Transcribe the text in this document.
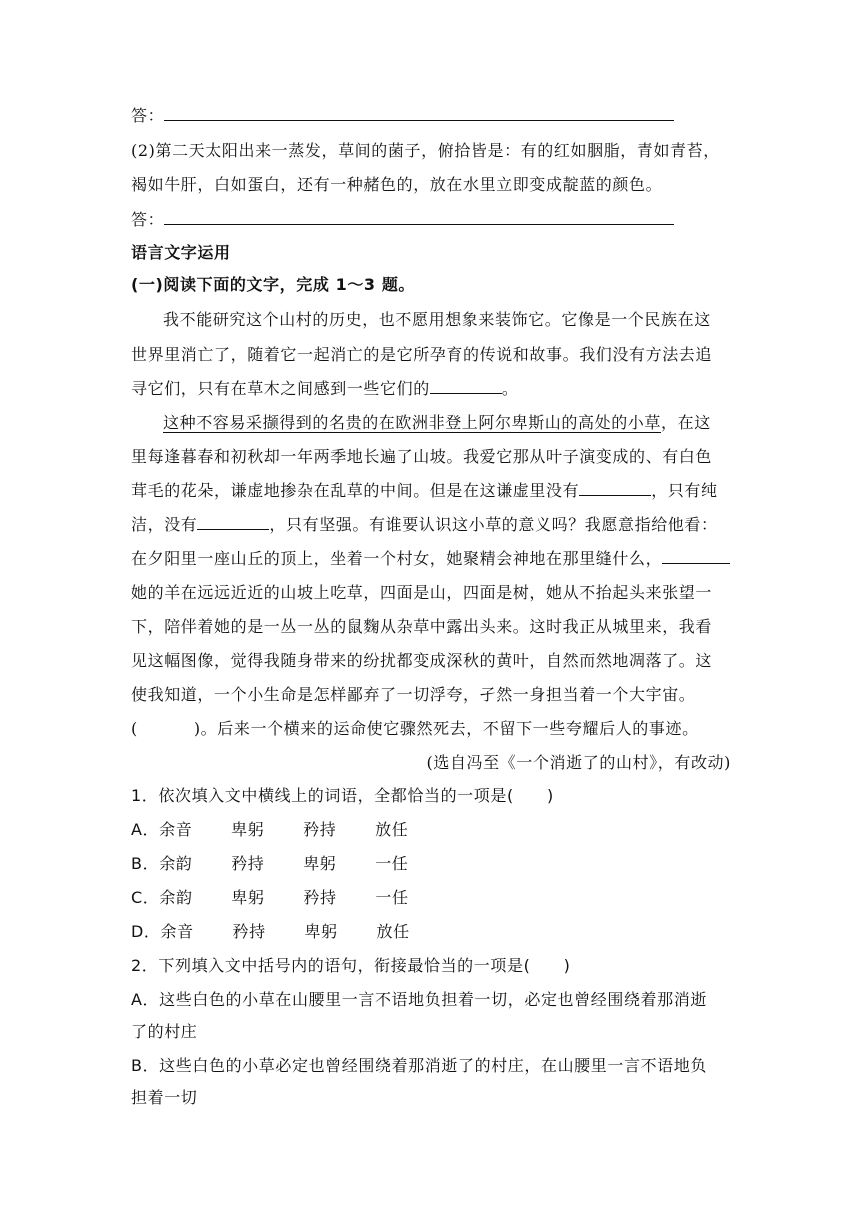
答：
(2)第二天太阳出来一蒸发，草间的菌子，俯拾皆是：有的红如胭脂，青如青苔，
褐如牛肝，白如蛋白，还有一种赭色的，放在水里立即变成靛蓝的颜色。
答：
语言文字运用
(一)阅读下面的文字，完成 1～3 题。
我不能研究这个山村的历史，也不愿用想象来装饰它。它像是一个民族在这
世界里消亡了，随着它一起消亡的是它所孕育的传说和故事。我们没有方法去追
寻它们，只有在草木之间感到一些它们的	。
这种不容易采撷得到的名贵的在欧洲非登上阿尔卑斯山的高处的小草，在这
里每逢暮春和初秋却一年两季地长遍了山坡。我爱它那从叶子演变成的、有白色
茸毛的花朵，谦虚地掺杂在乱草的中间。但是在这谦虚里没有	，只有纯
洁，没有	，只有坚强。有谁要认识这小草的意义吗？我愿意指给他看：
在夕阳里一座山丘的顶上，坐着一个村女，她聚精会神地在那里缝什么，
她的羊在远远近近的山坡上吃草，四面是山，四面是树，她从不抬起头来张望一
下，陪伴着她的是一丛一丛的鼠麴从杂草中露出头来。这时我正从城里来，我看
见这幅图像，觉得我随身带来的纷扰都变成深秋的黄叶，自然而然地凋落了。这
使我知道，一个小生命是怎样鄙弃了一切浮夸，孑然一身担当着一个大宇宙。
(	)。后来一个横来的运命使它骤然死去，不留下一些夸耀后人的事迹。
(选自冯至《一个消逝了的山村》，有改动)
1．依次填入文中横线上的词语，全都恰当的一项是(　　)
A．余音 卑躬 矜持 放任
B．余韵 矜持 卑躬 一任
C．余韵 卑躬 矜持 一任
D．余音 矜持 卑躬 放任
2．下列填入文中括号内的语句，衔接最恰当的一项是(　　)
A．这些白色的小草在山腰里一言不语地负担着一切，必定也曾经围绕着那消逝
了的村庄
B．这些白色的小草必定也曾经围绕着那消逝了的村庄，在山腰里一言不语地负
担着一切
